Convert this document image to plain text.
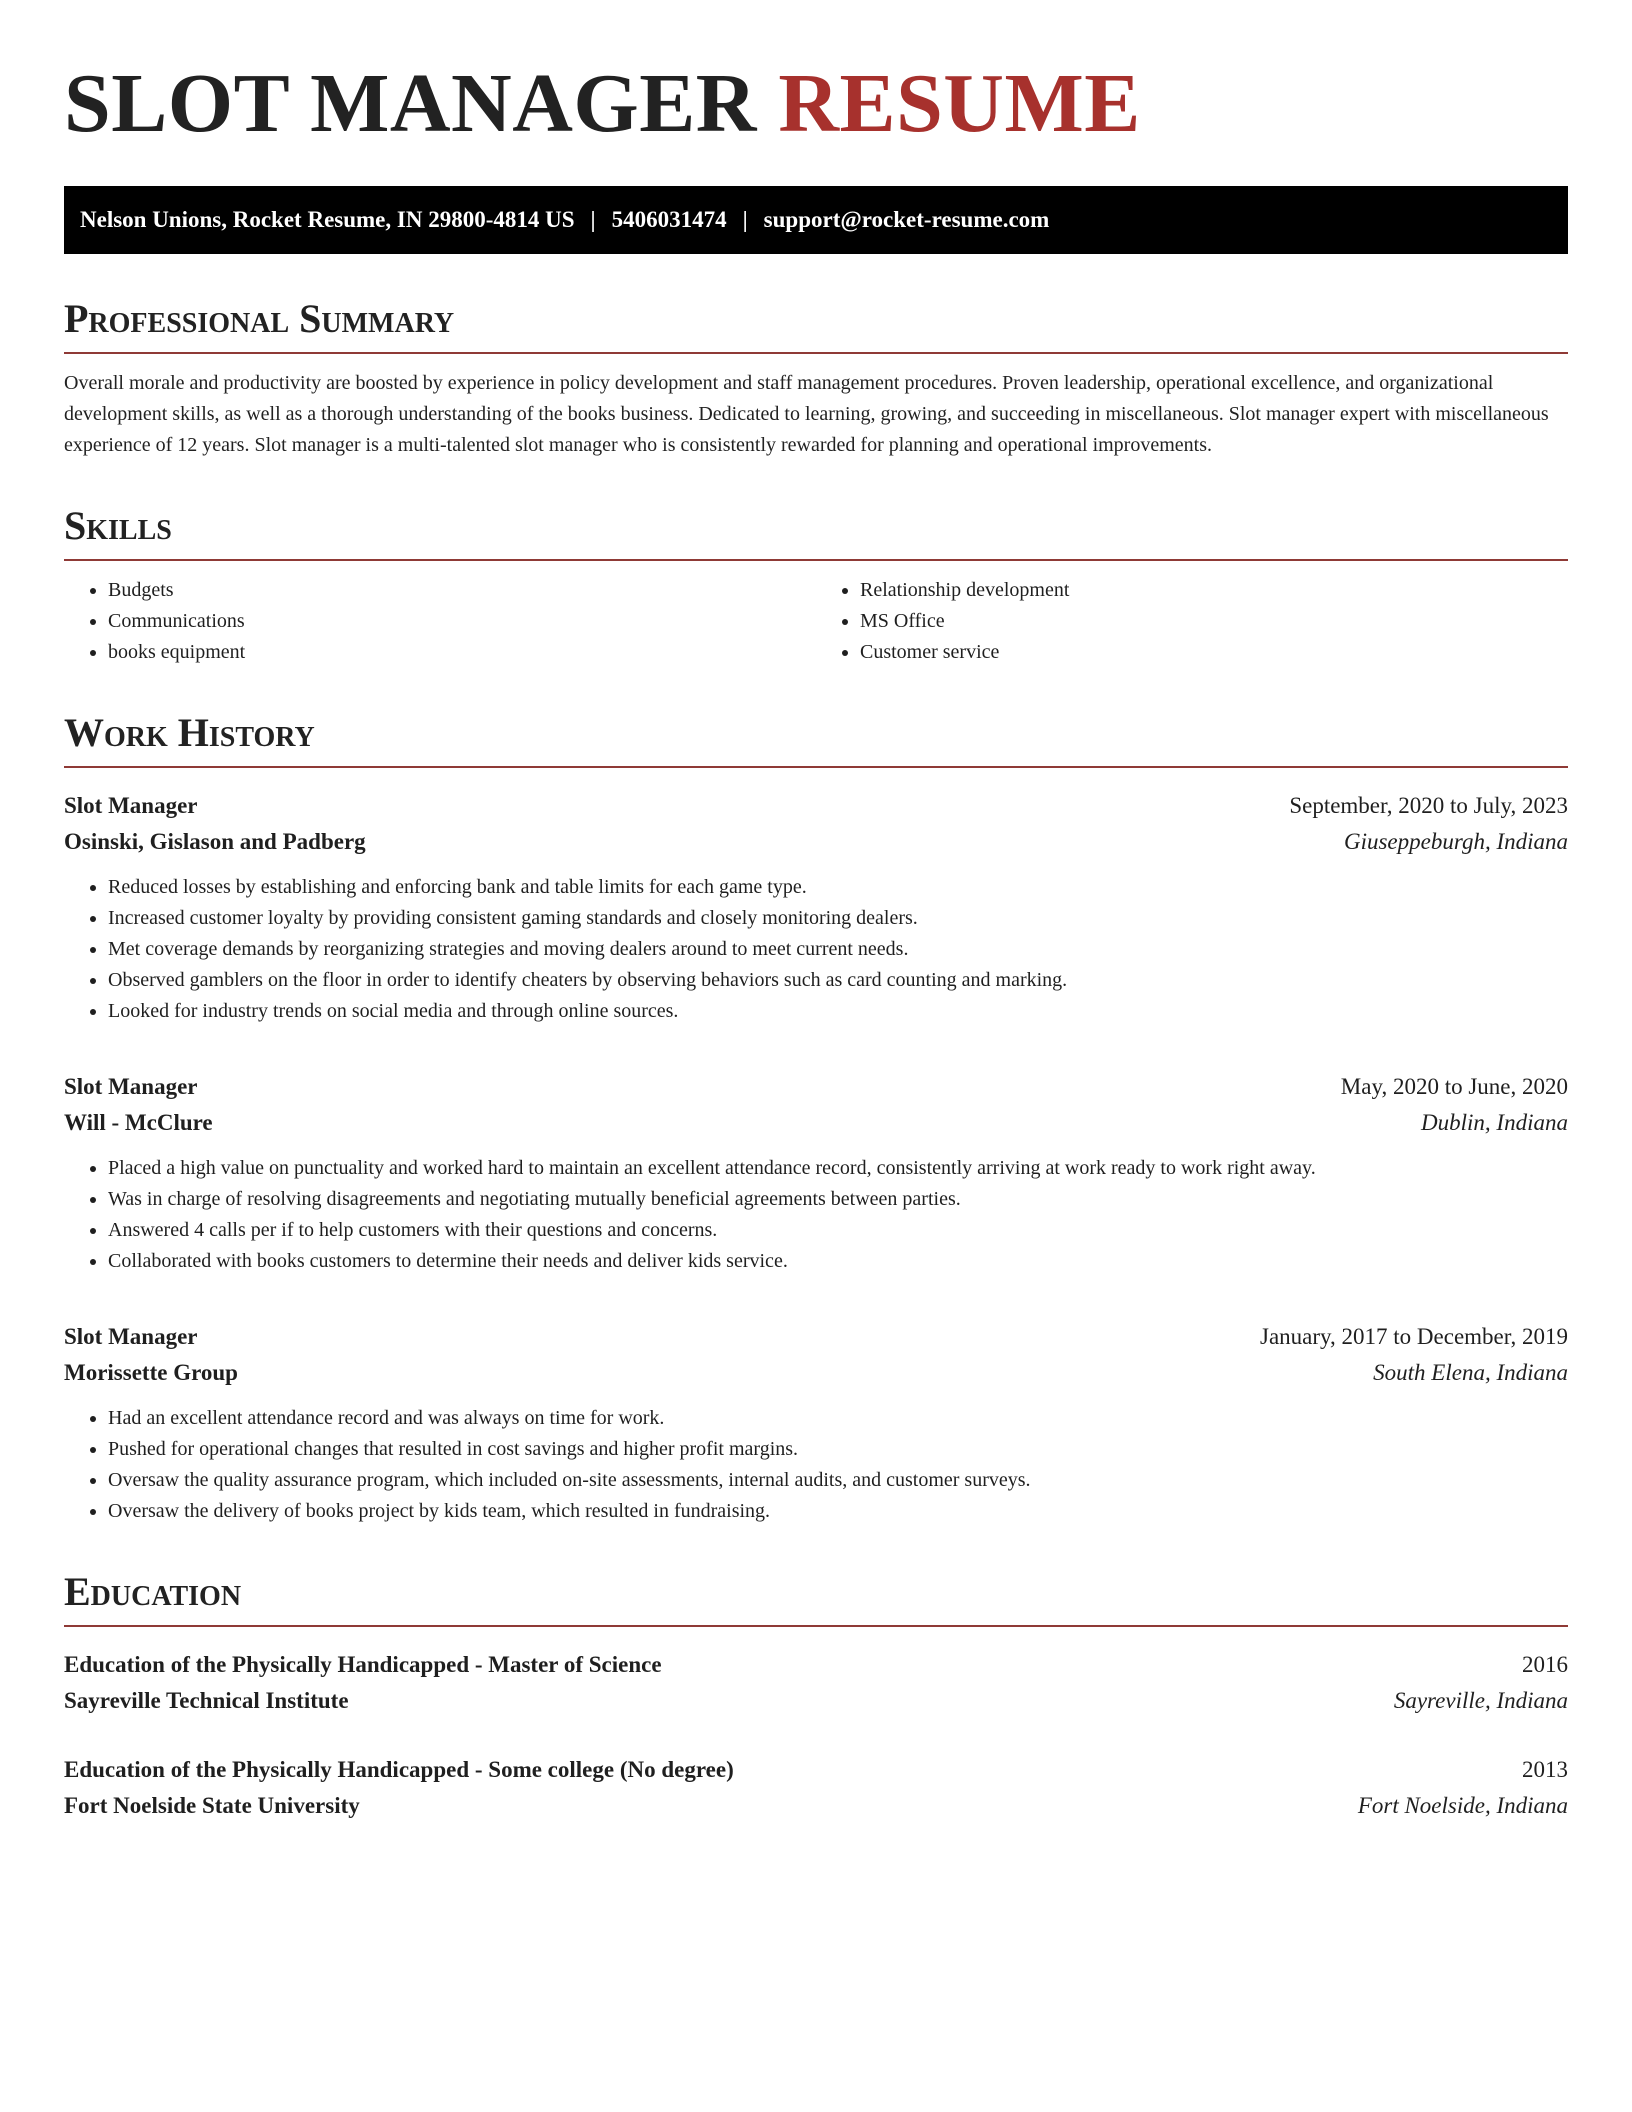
SLOT MANAGER RESUME
Nelson Unions, Rocket Resume, IN 29800-4814 US | 5406031474 | support@rocket-resume.com
Professional Summary

Overall morale and productivity are boosted by experience in policy development and staff management procedures. Proven leadership, operational excellence, and organizational development skills, as well as a thorough understanding of the books business. Dedicated to learning, growing, and succeeding in miscellaneous. Slot manager expert with miscellaneous experience of 12 years. Slot manager is a multi-talented slot manager who is consistently rewarded for planning and operational improvements.

Skills
• Budgets
• Communications
• books equipment
• Relationship development
• MS Office
• Customer service
Work History
Slot Manager	September, 2020 to July, 2023
Osinski, Gislason and Padberg	Giuseppeburgh, Indiana
• Reduced losses by establishing and enforcing bank and table limits for each game type.
• Increased customer loyalty by providing consistent gaming standards and closely monitoring dealers.
• Met coverage demands by reorganizing strategies and moving dealers around to meet current needs.
• Observed gamblers on the floor in order to identify cheaters by observing behaviors such as card counting and marking.
• Looked for industry trends on social media and through online sources.
Slot Manager	May, 2020 to June, 2020
Will - McClure	Dublin, Indiana
• Placed a high value on punctuality and worked hard to maintain an excellent attendance record, consistently arriving at work ready to work right away.
• Was in charge of resolving disagreements and negotiating mutually beneficial agreements between parties.
• Answered 4 calls per if to help customers with their questions and concerns.
• Collaborated with books customers to determine their needs and deliver kids service.
Slot Manager	January, 2017 to December, 2019
Morissette Group	South Elena, Indiana
• Had an excellent attendance record and was always on time for work.
• Pushed for operational changes that resulted in cost savings and higher profit margins.
• Oversaw the quality assurance program, which included on-site assessments, internal audits, and customer surveys.
• Oversaw the delivery of books project by kids team, which resulted in fundraising.
Education
Education of the Physically Handicapped - Master of Science	2016
Sayreville Technical Institute	Sayreville, Indiana
Education of the Physically Handicapped - Some college (No degree)	2013
Fort Noelside State University	Fort Noelside, Indiana
